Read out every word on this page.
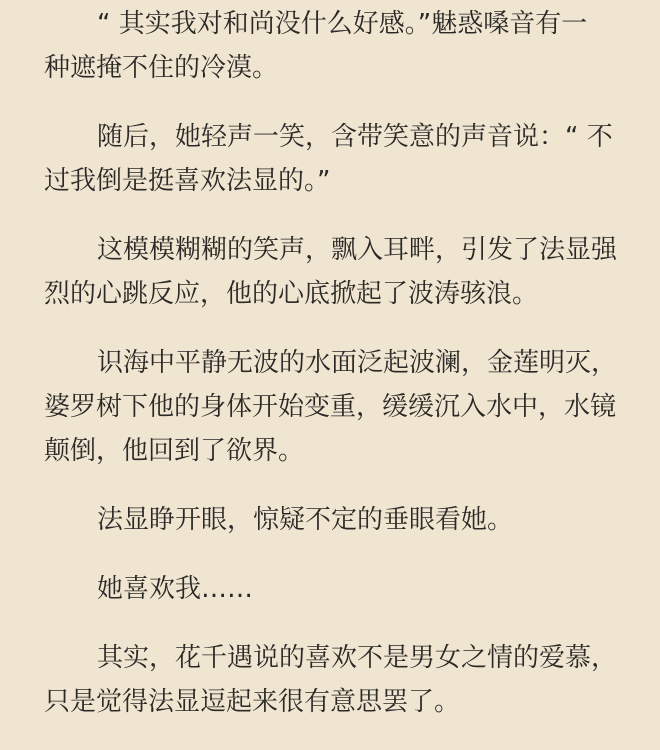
“ 其实我对和尚没什么好感。”魅惑嗓音有一
种遮掩不住的冷漠。

随后，她轻声一笑，含带笑意的声音说：“ 不
过我倒是挺喜欢法显的。”

这模模糊糊的笑声，飘入耳畔，引发了法显强
烈的心跳反应，他的心底掀起了波涛骇浪。

识海中平静无波的水面泛起波澜，金莲明灭，
婆罗树下他的身体开始变重，缓缓沉入水中，水镜
颠倒，他回到了欲界。

法显睁开眼，惊疑不定的垂眼看她。

她喜欢我……

其实，花千遇说的喜欢不是男女之情的爱慕，
只是觉得法显逗起来很有意思罢了。
